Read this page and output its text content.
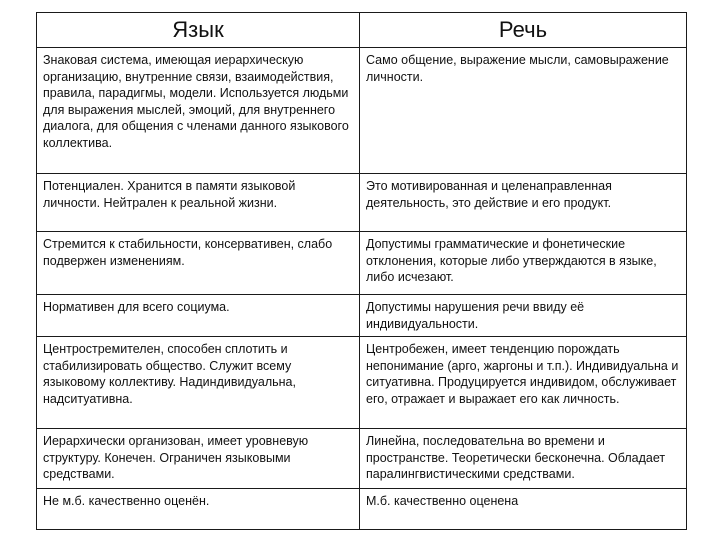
Язык	Речь
Знаковая система, имеющая иерархическую организацию, внутренние связи, взаимодействия, правила, парадигмы, модели. Используется людьми для выражения мыслей, эмоций, для внутреннего диалога, для общения с членами данного языкового коллектива.	Само общение, выражение мысли, самовыражение личности.
Потенциален. Хранится в памяти языковой личности. Нейтрален к реальной жизни.	Это мотивированная и целенаправленная деятельность, это действие и его продукт.
Стремится к стабильности, консервативен, слабо подвержен изменениям.	Допустимы грамматические и фонетические отклонения, которые либо утверждаются в языке, либо исчезают.
Нормативен для всего социума.	Допустимы нарушения речи ввиду её индивидуальности.
Центростремителен, способен сплотить и стабилизировать общество. Служит всему языковому коллективу. Надиндивидуальна, надситуативна.	Центробежен, имеет тенденцию порождать непонимание (арго, жаргоны и т.п.). Индивидуальна и ситуативна. Продуцируется индивидом, обслуживает его, отражает и выражает его как личность.
Иерархически организован, имеет уровневую структуру. Конечен. Ограничен языковыми средствами.	Линейна, последовательна во времени и пространстве. Теоретически бесконечна. Обладает паралингвистическими средствами.
Не м.б. качественно оценён.	М.б. качественно оценена
